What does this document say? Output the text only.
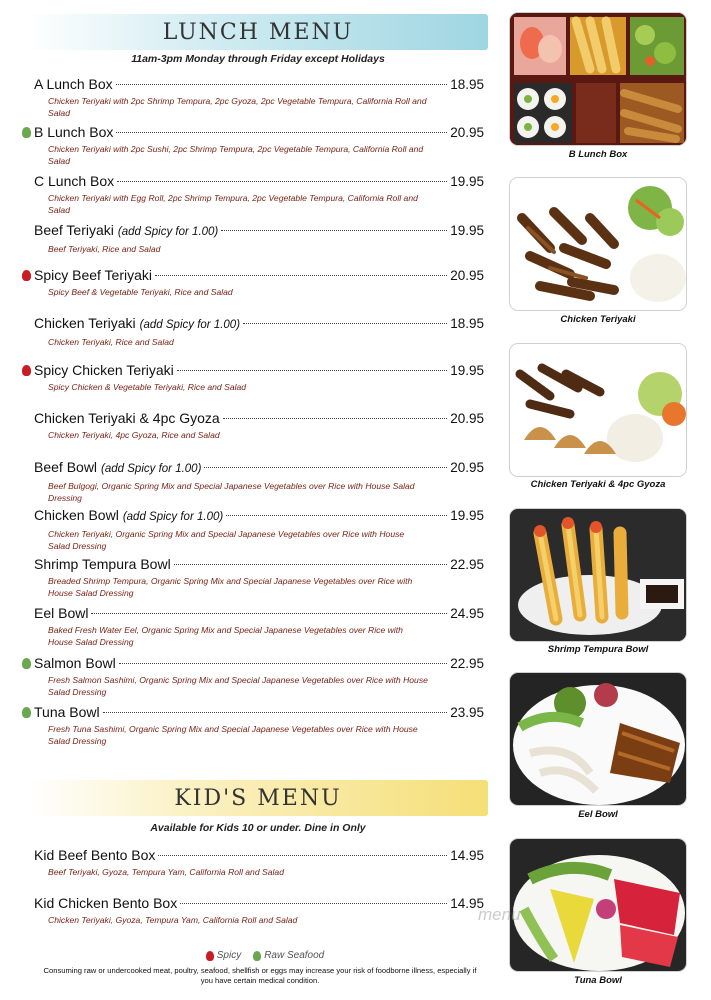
LUNCH MENU
11am-3pm Monday through Friday except Holidays
A Lunch Box	18.95
Chicken Teriyaki with 2pc Shrimp Tempura, 2pc Gyoza, 2pc Vegetable Tempura, California Roll and Salad
B Lunch Box	20.95
Chicken Teriyaki with 2pc Sushi, 2pc Shrimp Tempura, 2pc Vegetable Tempura, California Roll and Salad
C Lunch Box	19.95
Chicken Teriyaki with Egg Roll, 2pc Shrimp Tempura, 2pc Vegetable Tempura, California Roll and Salad
Beef Teriyaki (add Spicy for 1.00)	19.95
Beef Teriyaki, Rice and Salad
Spicy Beef Teriyaki	20.95
Spicy Beef & Vegetable Teriyaki, Rice and Salad
Chicken Teriyaki (add Spicy for 1.00)	18.95
Chicken Teriyaki, Rice and Salad
Spicy Chicken Teriyaki	19.95
Spicy Chicken & Vegetable Teriyaki, Rice and Salad
Chicken Teriyaki & 4pc Gyoza	20.95
Chicken Teriyaki, 4pc Gyoza, Rice and Salad
Beef Bowl (add Spicy for 1.00)	20.95
Beef Bulgogi, Organic Spring Mix and Special Japanese Vegetables over Rice with House Salad Dressing
Chicken Bowl (add Spicy for 1.00)	19.95
Chicken Teriyaki, Organic Spring Mix and Special Japanese Vegetables over Rice with House Salad Dressing
Shrimp Tempura Bowl	22.95
Breaded Shrimp Tempura, Organic Spring Mix and Special Japanese Vegetables over Rice with House Salad Dressing
Eel Bowl	24.95
Baked Fresh Water Eel, Organic Spring Mix and Special Japanese Vegetables over Rice with House Salad Dressing
Salmon Bowl	22.95
Fresh Salmon Sashimi, Organic Spring Mix and Special Japanese Vegetables over Rice with House Salad Dressing
Tuna Bowl	23.95
Fresh Tuna Sashimi, Organic Spring Mix and Special Japanese Vegetables over Rice with House Salad Dressing
KID'S MENU
Available for Kids 10 or under. Dine in Only
Kid Beef Bento Box	14.95
Beef Teriyaki, Gyoza, Tempura Yam, California Roll and Salad
Kid Chicken Bento Box	14.95
Chicken Teriyaki, Gyoza, Tempura Yam, California Roll and Salad
B Lunch Box
Chicken Teriyaki
Chicken Teriyaki & 4pc Gyoza
Shrimp Tempura Bowl
Eel Bowl
Tuna Bowl
menu
Spicy Raw Seafood
Consuming raw or undercooked meat, poultry, seafood, shellfish or eggs may increase your risk of foodborne illness, especially if you have certain medical condition.
